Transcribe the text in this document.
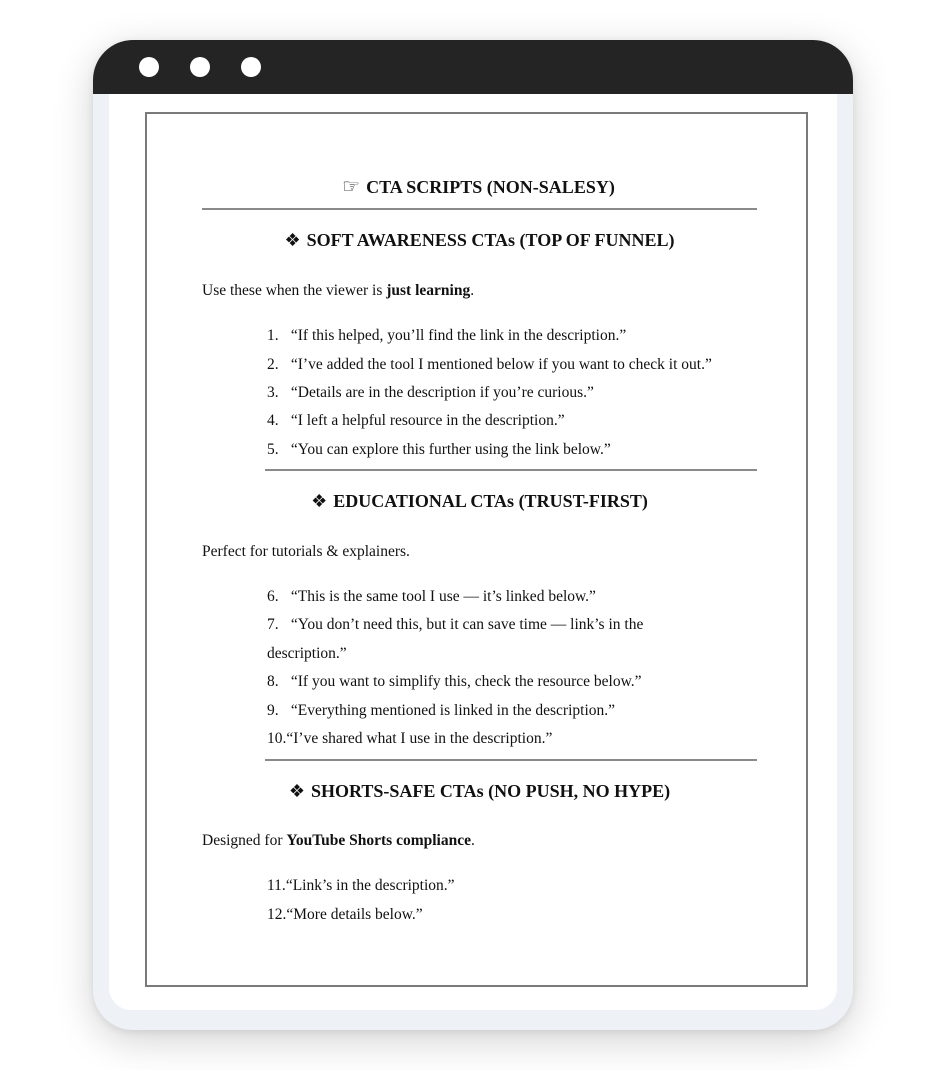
☞ CTA SCRIPTS (NON-SALESY)
❖ SOFT AWARENESS CTAs (TOP OF FUNNEL)
Use these when the viewer is just learning.
1. “If this helped, you’ll find the link in the description.”
2. “I’ve added the tool I mentioned below if you want to check it out.”
3. “Details are in the description if you’re curious.”
4. “I left a helpful resource in the description.”
5. “You can explore this further using the link below.”
❖ EDUCATIONAL CTAs (TRUST-FIRST)
Perfect for tutorials & explainers.
6. “This is the same tool I use — it’s linked below.”
7. “You don’t need this, but it can save time — link’s in the
description.”
8. “If you want to simplify this, check the resource below.”
9. “Everything mentioned is linked in the description.”
10.“I’ve shared what I use in the description.”
❖ SHORTS-SAFE CTAs (NO PUSH, NO HYPE)
Designed for YouTube Shorts compliance.
11.“Link’s in the description.”
12.“More details below.”
